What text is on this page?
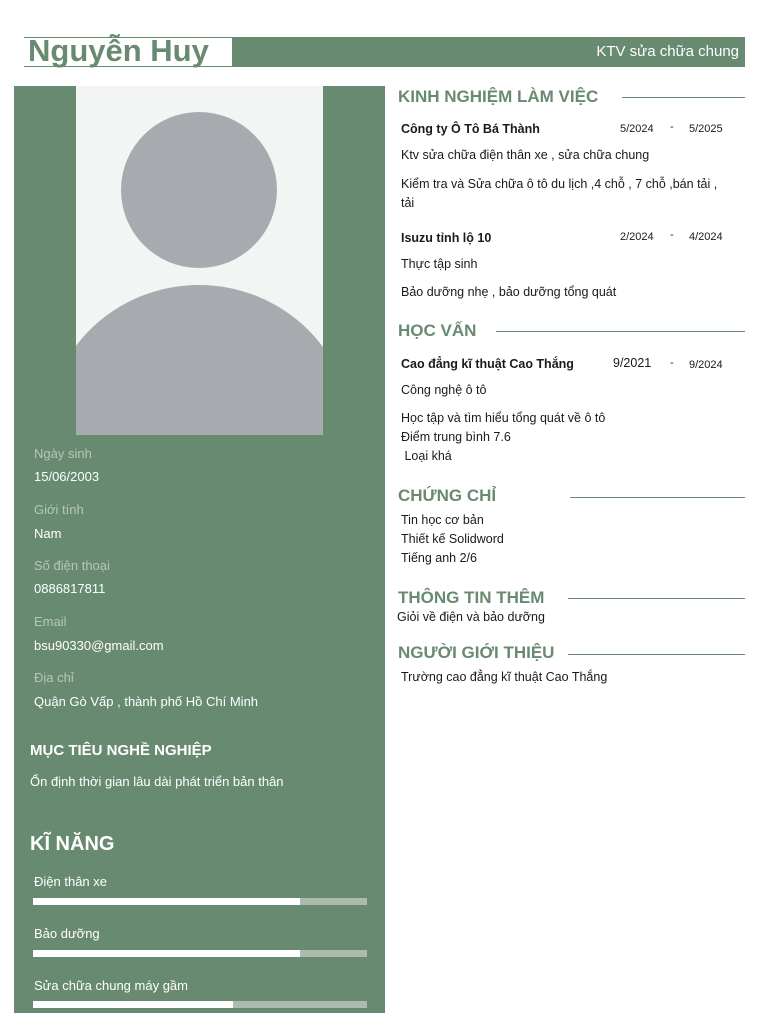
Nguyễn Huy	KTV sửa chữa chung
Ngày sinh
15/06/2003
Giới tính
Nam
Số điện thoại
0886817811
Email
bsu90330@gmail.com
Địa chỉ
Quận Gò Vấp , thành phố Hồ Chí Minh
MỤC TIÊU NGHỀ NGHIỆP
Ổn định thời gian lâu dài phát triển bản thân
KĨ NĂNG
Điện thân xe
Bảo dưỡng
Sửa chữa chung máy gầm
KINH NGHIỆM LÀM VIỆC
Công ty Ô Tô Bá Thành	5/2024 - 5/2025
Ktv sửa chữa điện thân xe , sửa chữa chung
Kiểm tra và Sửa chữa ô tô du lịch ,4 chỗ , 7 chỗ ,bán tải ,
tải
Isuzu tỉnh lộ 10	2/2024 - 4/2024
Thực tập sinh
Bảo dưỡng nhẹ , bảo dưỡng tổng quát
HỌC VẤN
Cao đẳng kĩ thuật Cao Thắng	9/2021 - 9/2024
Công nghệ ô tô
Học tập và tìm hiểu tổng quát về ô tô
Điểm trung bình 7.6
Loại khá
CHỨNG CHỈ
Tin học cơ bản
Thiết kế Solidword
Tiếng anh 2/6
THÔNG TIN THÊM
Giỏi về điện và bảo dưỡng
NGƯỜI GIỚI THIỆU
Trường cao đẳng kĩ thuật Cao Thắng
